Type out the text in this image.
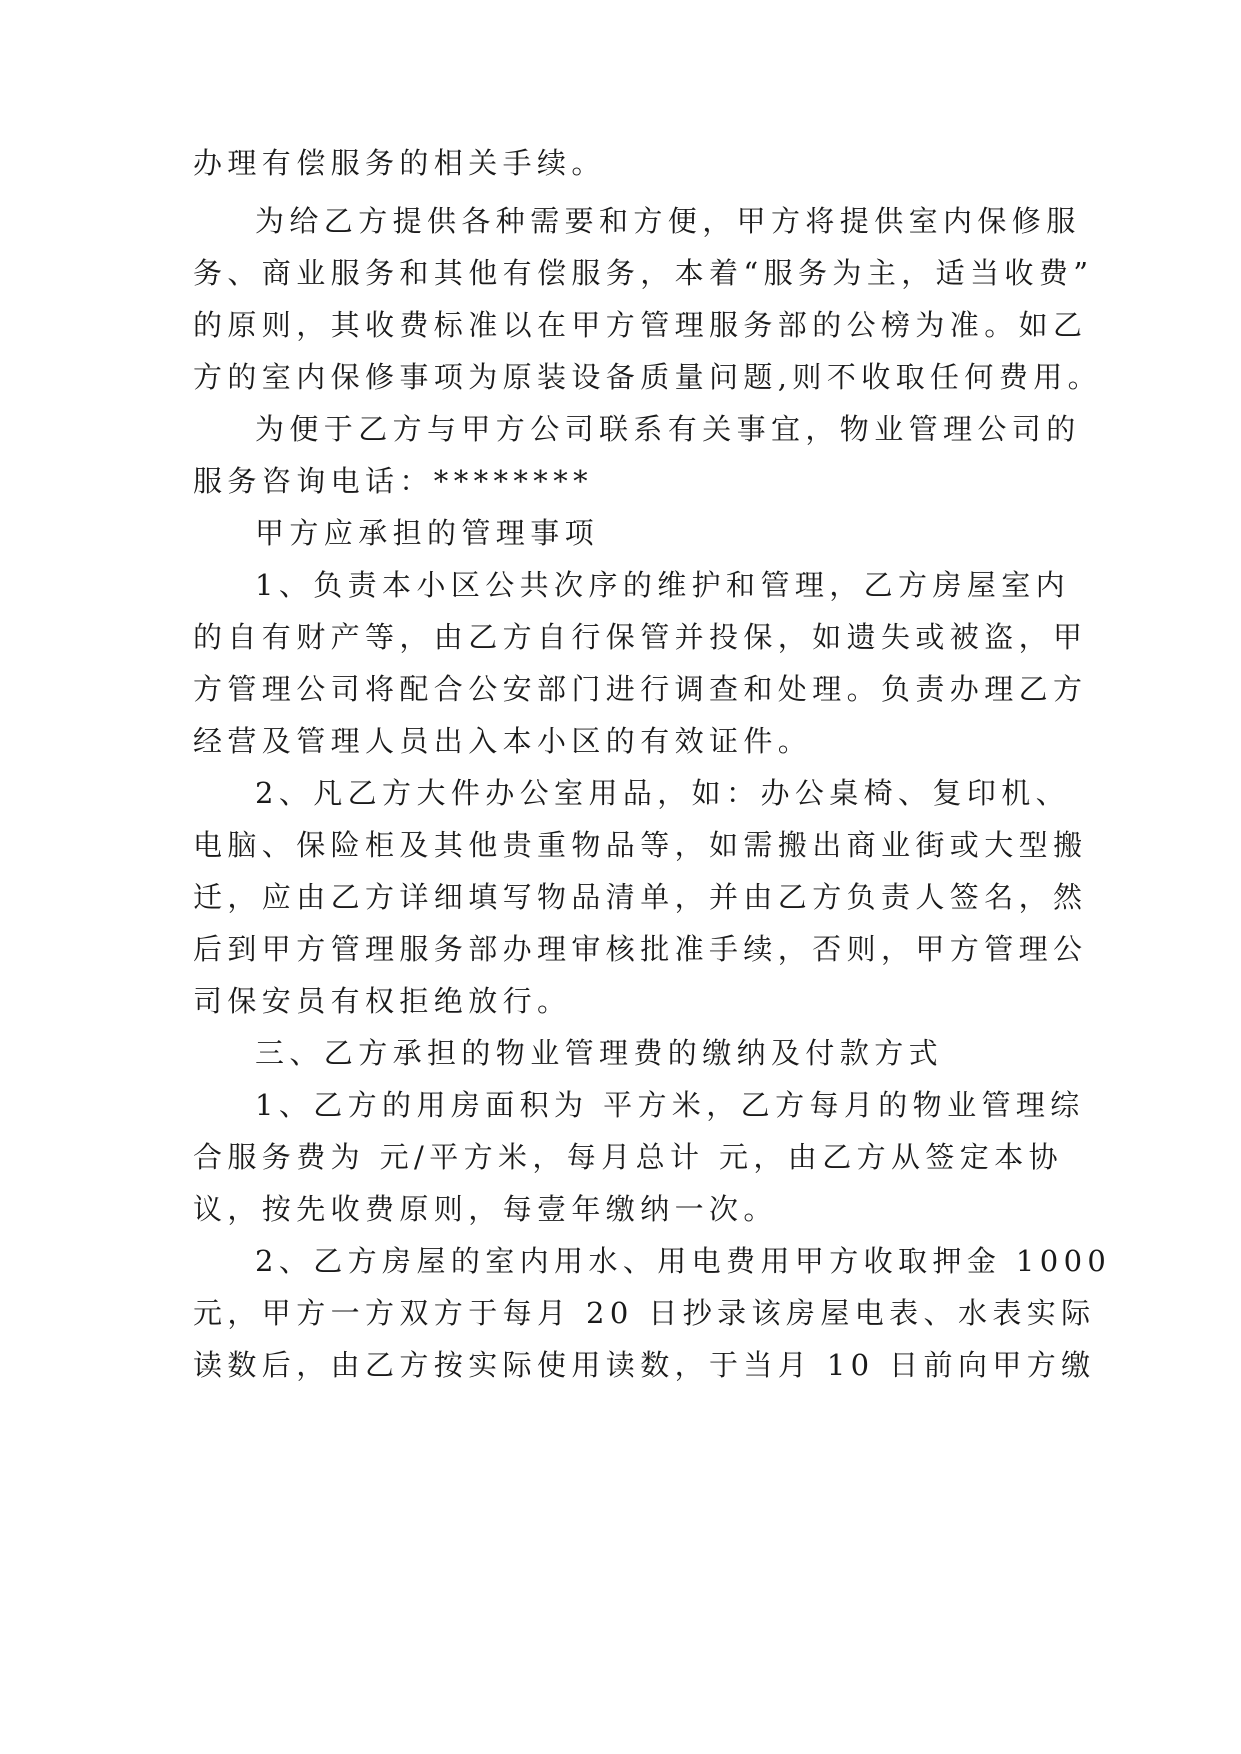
办理有偿服务的相关手续。

为给乙方提供各种需要和方便，甲方将提供室内保修服

务、商业服务和其他有偿服务，本着“服务为主，适当收费”

的原则，其收费标准以在甲方管理服务部的公榜为准。如乙

方的室内保修事项为原装设备质量问题,则不收取任何费用。

为便于乙方与甲方公司联系有关事宜，物业管理公司的

服务咨询电话：********

甲方应承担的管理事项

1、负责本小区公共次序的维护和管理，乙方房屋室内

的自有财产等，由乙方自行保管并投保，如遗失或被盗，甲

方管理公司将配合公安部门进行调查和处理。负责办理乙方

经营及管理人员出入本小区的有效证件。

2、凡乙方大件办公室用品，如：办公桌椅、复印机、

电脑、保险柜及其他贵重物品等，如需搬出商业街或大型搬

迁，应由乙方详细填写物品清单，并由乙方负责人签名，然

后到甲方管理服务部办理审核批准手续，否则，甲方管理公

司保安员有权拒绝放行。

三、乙方承担的物业管理费的缴纳及付款方式

1、乙方的用房面积为 平方米，乙方每月的物业管理综

合服务费为 元/平方米，每月总计 元，由乙方从签定本协

议，按先收费原则，每壹年缴纳一次。

2、乙方房屋的室内用水、用电费用甲方收取押金 1000

元，甲方一方双方于每月 20 日抄录该房屋电表、水表实际

读数后，由乙方按实际使用读数，于当月 10 日前向甲方缴
